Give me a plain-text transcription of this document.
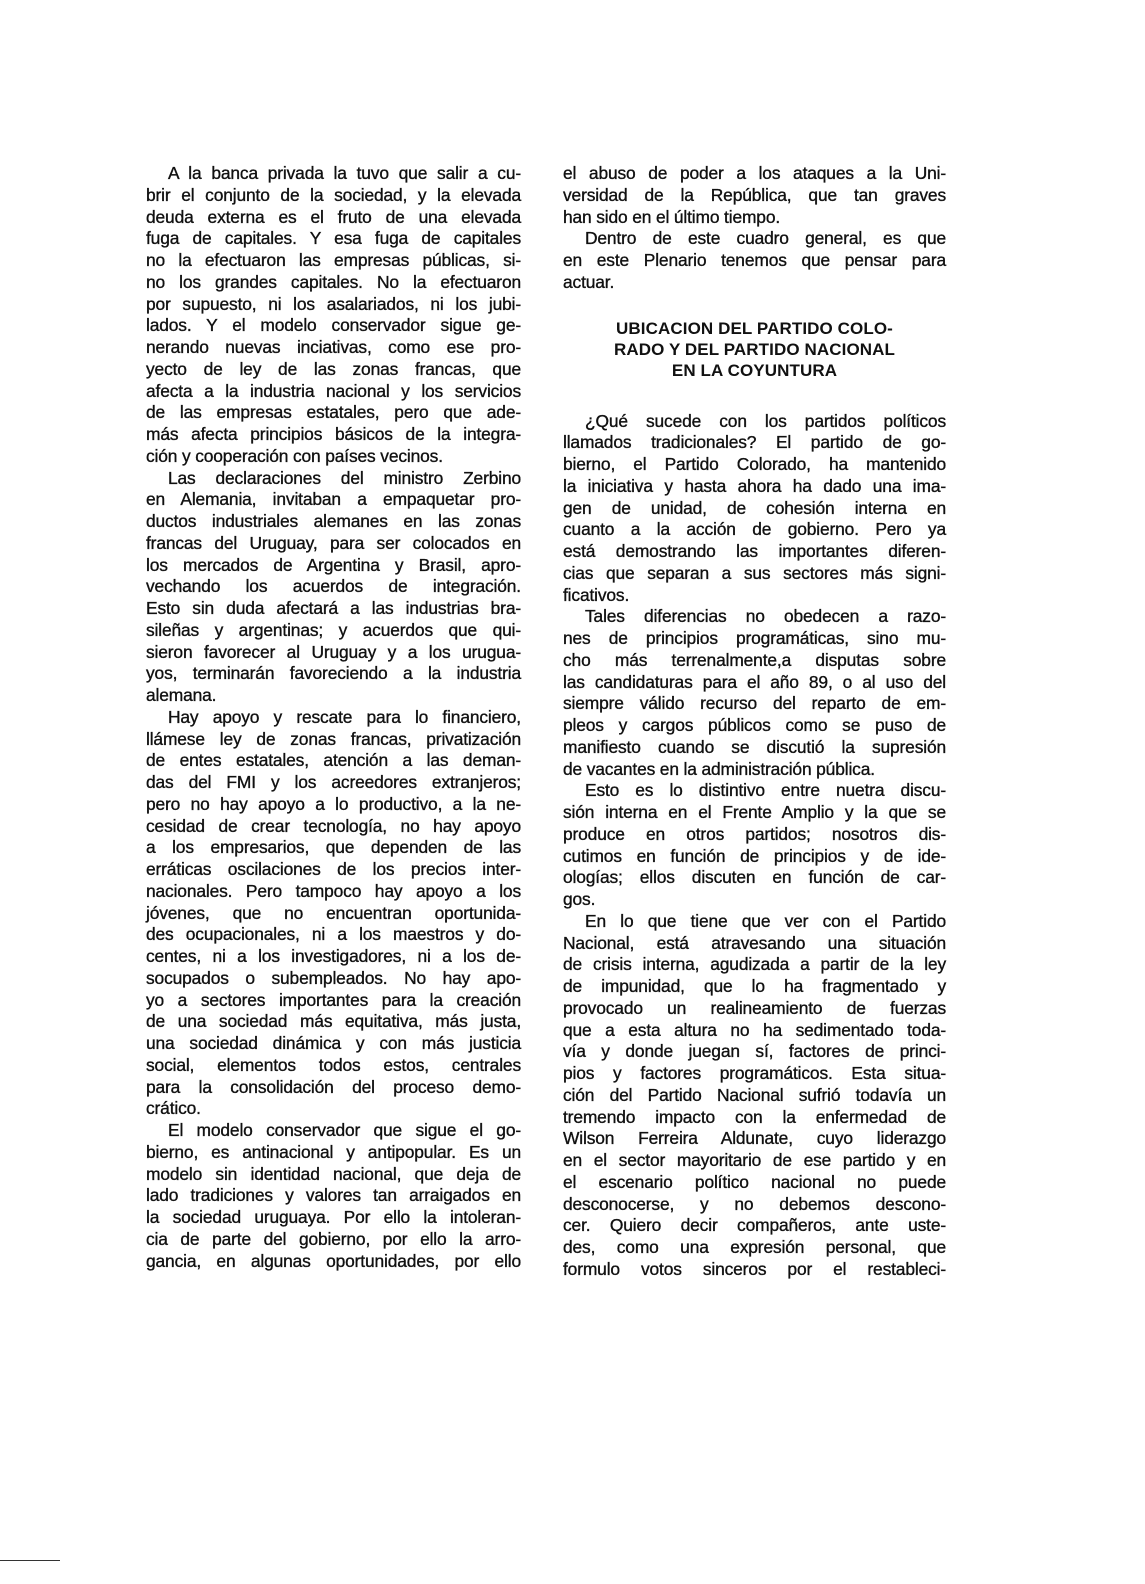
A la banca privada la tuvo que salir a cu-
brir el conjunto de la sociedad, y la elevada
deuda externa es el fruto de una elevada
fuga de capitales. Y esa fuga de capitales
no la efectuaron las empresas públicas, si-
no los grandes capitales. No la efectuaron
por supuesto, ni los asalariados, ni los jubi-
lados. Y el modelo conservador sigue ge-
nerando nuevas inciativas, como ese pro-
yecto de ley de las zonas francas, que
afecta a la industria nacional y los servicios
de las empresas estatales, pero que ade-
más afecta principios básicos de la integra-
ción y cooperación con países vecinos.
Las declaraciones del ministro Zerbino
en Alemania, invitaban a empaquetar pro-
ductos industriales alemanes en las zonas
francas del Uruguay, para ser colocados en
los mercados de Argentina y Brasil, apro-
vechando los acuerdos de integración.
Esto sin duda afectará a las industrias bra-
sileñas y argentinas; y acuerdos que qui-
sieron favorecer al Uruguay y a los urugua-
yos, terminarán favoreciendo a la industria
alemana.
Hay apoyo y rescate para lo financiero,
llámese ley de zonas francas, privatización
de entes estatales, atención a las deman-
das del FMI y los acreedores extranjeros;
pero no hay apoyo a lo productivo, a la ne-
cesidad de crear tecnología, no hay apoyo
a los empresarios, que dependen de las
erráticas oscilaciones de los precios inter-
nacionales. Pero tampoco hay apoyo a los
jóvenes, que no encuentran oportunida-
des ocupacionales, ni a los maestros y do-
centes, ni a los investigadores, ni a los de-
socupados o subempleados. No hay apo-
yo a sectores importantes para la creación
de una sociedad más equitativa, más justa,
una sociedad dinámica y con más justicia
social, elementos todos estos, centrales
para la consolidación del proceso demo-
crático.
El modelo conservador que sigue el go-
bierno, es antinacional y antipopular. Es un
modelo sin identidad nacional, que deja de
lado tradiciones y valores tan arraigados en
la sociedad uruguaya. Por ello la intoleran-
cia de parte del gobierno, por ello la arro-
gancia, en algunas oportunidades, por ello
el abuso de poder a los ataques a la Uni-
versidad de la República, que tan graves
han sido en el último tiempo.
Dentro de este cuadro general, es que
en este Plenario tenemos que pensar para
actuar.
UBICACION DEL PARTIDO COLO-
RADO Y DEL PARTIDO NACIONAL
EN LA COYUNTURA
¿Qué sucede con los partidos políticos
llamados tradicionales? El partido de go-
bierno, el Partido Colorado, ha mantenido
la iniciativa y hasta ahora ha dado una ima-
gen de unidad, de cohesión interna en
cuanto a la acción de gobierno. Pero ya
está demostrando las importantes diferen-
cias que separan a sus sectores más signi-
ficativos.
Tales diferencias no obedecen a razo-
nes de principios programáticas, sino mu-
cho más terrenalmente,a disputas sobre
las candidaturas para el año 89, o al uso del
siempre válido recurso del reparto de em-
pleos y cargos públicos como se puso de
manifiesto cuando se discutió la supresión
de vacantes en la administración pública.
Esto es lo distintivo entre nuetra discu-
sión interna en el Frente Amplio y la que se
produce en otros partidos; nosotros dis-
cutimos en función de principios y de ide-
ologías; ellos discuten en función de car-
gos.
En lo que tiene que ver con el Partido
Nacional, está atravesando una situación
de crisis interna, agudizada a partir de la ley
de impunidad, que lo ha fragmentado y
provocado un realineamiento de fuerzas
que a esta altura no ha sedimentado toda-
vía y donde juegan sí, factores de princi-
pios y factores programáticos. Esta situa-
ción del Partido Nacional sufrió todavía un
tremendo impacto con la enfermedad de
Wilson Ferreira Aldunate, cuyo liderazgo
en el sector mayoritario de ese partido y en
el escenario político nacional no puede
desconocerse, y no debemos descono-
cer. Quiero decir compañeros, ante uste-
des, como una expresión personal, que
formulo votos sinceros por el restableci-
